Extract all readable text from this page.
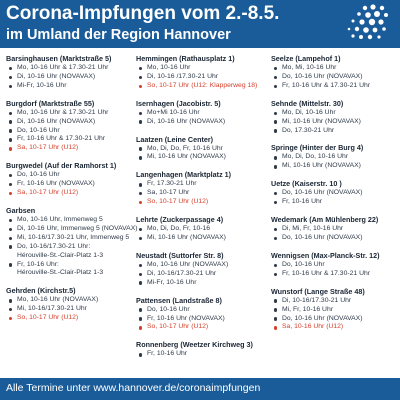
Corona-Impfungen vom 2.-8.5.
im Umland der Region Hannover
Barsinghausen (Marktstraße 5)
Mo, 10-16 Uhr & 17.30-21 Uhr
Di, 10-16 Uhr (NOVAVAX)
Mi-Fr, 10-16 Uhr
Burgdorf (Marktstraße 55)
Mo, 10-16 Uhr & 17.30-21 Uhr
Di, 10-16 Uhr (NOVAVAX)
Do, 10-16 Uhr
Fr, 10-16 Uhr & 17.30-21 Uhr
Sa, 10-17 Uhr (U12)
Burgwedel (Auf der Ramhorst 1)
Do, 10-16 Uhr
Fr, 10-16 Uhr (NOVAVAX)
Sa, 10-17 Uhr (U12)
Garbsen
Mo, 10-16 Uhr, Immenweg 5
Di, 10-16 Uhr, Immenweg 5 (NOVAVAX)
Mi, 10-16/17.30-21 Uhr, Immenweg 5
Do, 10-16/17.30-21 Uhr:
Hérouville-St.-Clair-Platz 1-3
Fr, 10-16 Uhr:
Hérouville-St.-Clair-Platz 1-3
Gehrden (Kirchstr.5)
Mo, 10-16 Uhr (NOVAVAX)
Mi, 10-16/17.30-21 Uhr
So, 10-17 Uhr (U12)
Hemmingen (Rathausplatz 1)
Mo, 10-16 Uhr
Di, 10-16 /17.30-21 Uhr
So, 10-17 Uhr (U12: Klapperweg 18)
Isernhagen (Jacobistr. 5)
Mo+Mi 10-16 Uhr
Di, 10-16 Uhr (NOVAVAX)
Laatzen (Leine Center)
Mo, Di, Do, Fr, 10-16 Uhr
Mi, 10-16 Uhr (NOVAVAX)
Langenhagen (Marktplatz 1)
Fr, 17.30-21 Uhr
Sa, 10-17 Uhr
So, 10-17 Uhr (U12)
Lehrte (Zuckerpassage 4)
Mo, Di, Do, Fr, 10-16
Mi, 10-16 Uhr (NOVAVAX)
Neustadt (Suttorfer Str. 8)
Mo, 10-16 Uhr (NOVAVAX)
Di, 10-16/17.30-21 Uhr
Mi-Fr, 10-16 Uhr
Pattensen (Landstraße 8)
Do, 10-16 Uhr
Fr, 10-16 Uhr (NOVAVAX)
So, 10-17 Uhr (U12)
Ronnenberg (Weetzer Kirchweg 3)
Fr, 10-16 Uhr
Seelze (Lampehof 1)
Mo, Mi, 10-16 Uhr
Do, 10-16 Uhr (NOVAVAX)
Fr, 10-16 Uhr & 17.30-21 Uhr
Sehnde (Mittelstr. 30)
Mo, Di, 10-16 Uhr
Mi, 10-16 Uhr (NOVAVAX)
Do, 17.30-21 Uhr
Springe (Hinter der Burg 4)
Mo, Di, Do, 10-16 Uhr
Mi, 10-16 Uhr (NOVAVAX)
Uetze (Kaiserstr. 10 )
Do, 10-16 Uhr (NOVAVAX)
Fr, 10-16 Uhr
Wedemark (Am Mühlenberg 22)
Di, Mi, Fr, 10-16 Uhr
Do, 10-16 Uhr (NOVAVAX)
Wennigsen (Max-Planck-Str. 12)
Do, 10-16 Uhr
Fr, 10-16 Uhr & 17.30-21 Uhr
Wunstorf (Lange Straße 48)
Di, 10-16/17.30-21 Uhr
Mi, Fr, 10-16 Uhr
Do, 10-16 Uhr (NOVAVAX)
Sa, 10-16 Uhr (U12)
Alle Termine unter www.hannover.de/coronaimpfungen
